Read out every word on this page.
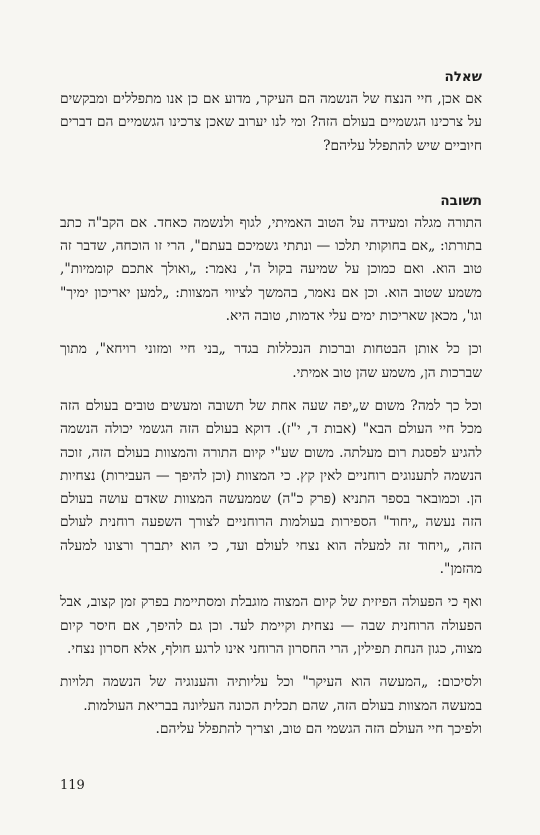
שאלה

אם אכן, חיי הנצח של הנשמה הם העיקר, מדוע אם כן אנו מתפללים ומבקשים על צרכינו הגשמיים בעולם הזה? ומי לנו יערוב שאכן צרכינו הגשמיים הם דברים חיוביים שיש להתפלל עליהם?

תשובה

התורה מגלה ומעידה על הטוב האמיתי, לגוף ולנשמה כאחד. אם הקב"ה כתב בתורתו: „אם בחוקותי תלכו — ונתתי גשמיכם בעתם", הרי זו הוכחה, שדבר זה טוב הוא. ואם כמוכן על שמיעה בקול ה', נאמר: „ואולך אתכם קוממיות", משמע שטוב הוא. וכן אם נאמר, בהמשך לציווי המצוות: „למען יאריכון ימיך" וגו', מכאן שאריכות ימים עלי אדמות, טובה היא.

וכן כל אותן הבטחות וברכות הנכללות בגדר „בני חיי ומזוני רויחא", מתוך שברכות הן, משמע שהן טוב אמיתי.

וכל כך למה? משום ש„יפה שעה אחת של תשובה ומעשים טובים בעולם הזה מכל חיי העולם הבא" (אבות ד, י"ז). דוקא בעולם הזה הגשמי יכולה הנשמה להגיע לפסגת רום מעלתה. משום שע"י קיום התורה והמצוות בעולם הזה, זוכה הנשמה לתענוגים רוחניים לאין קץ. כי המצוות (וכן להיפך — העבירות) נצחיות הן. וכמובאר בספר התניא (פרק כ"ה) שממעשה המצוות שאדם עושה בעולם הזה נעשה „יחוד" הספירות בעולמות הרוחניים לצורך השפעה רוחנית לעולם הזה, „ויחוד זה למעלה הוא נצחי לעולם ועד, כי הוא יתברך ורצונו למעלה מהזמן".

ואף כי הפעולה הפיזית של קיום המצוה מוגבלת ומסתיימת בפרק זמן קצוב, אבל הפעולה הרוחנית שבה — נצחית וקיימת לעד. וכן גם להיפך, אם חיסר קיום מצוה, כגון הנחת תפילין, הרי החסרון הרוחני אינו לרגע חולף, אלא חסרון נצחי.

ולסיכום: „המעשה הוא העיקר" וכל עליותיה והענוגיה של הנשמה תלויות במעשה המצוות בעולם הזה, שהם תכלית הכונה העליונה בבריאת העולמות.

ולפיכך חיי העולם הזה הגשמי הם טוב, וצריך להתפלל עליהם.

119
